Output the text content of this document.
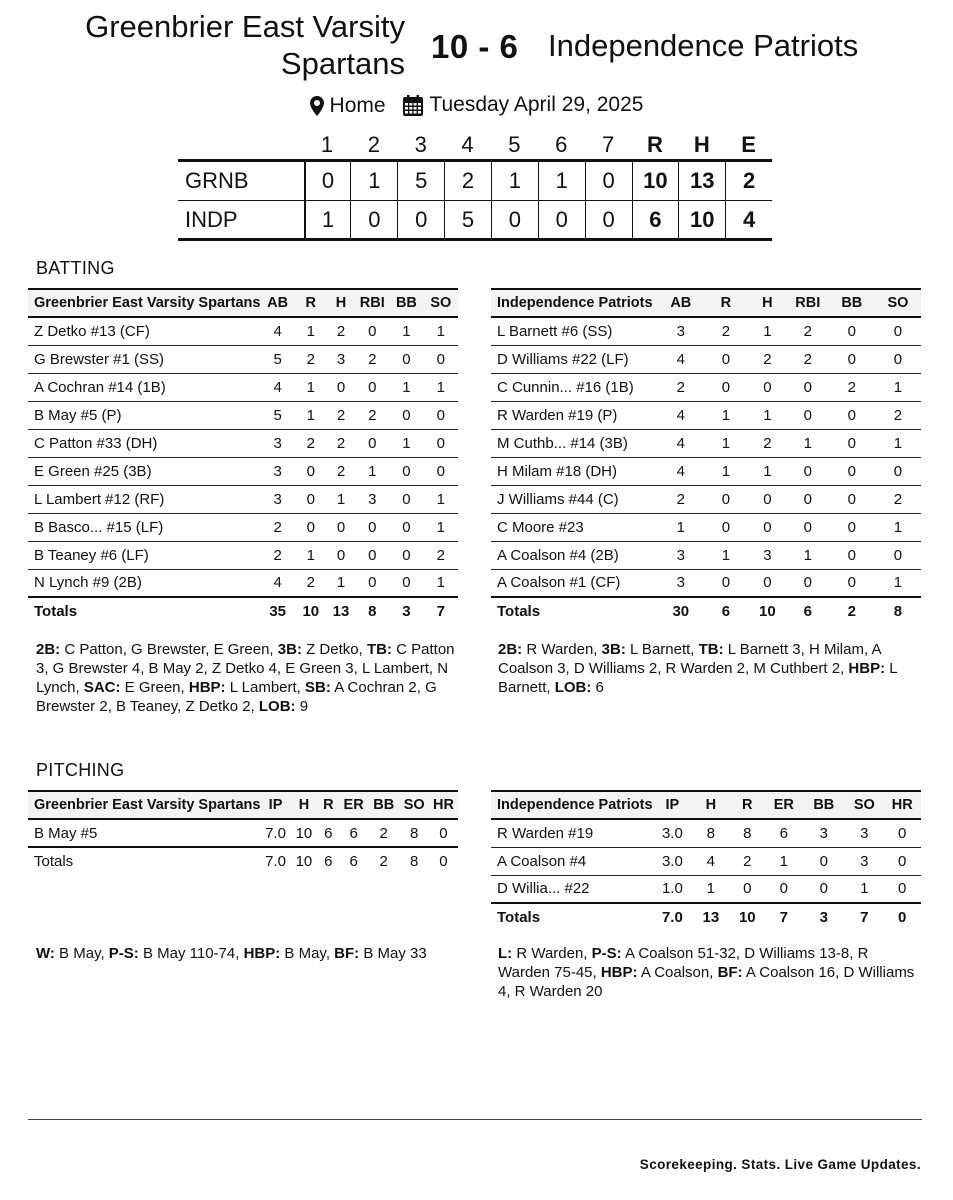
Greenbrier East Varsity
Spartans 10 - 6 Independence Patriots
Home
Tuesday April 29, 2025
1	2	3	4	5	6	7	R	H	E
GRNB	0	1	5	2	1	1	0	10	13	2
INDP	1	0	0	5	0	0	0	6	10	4
BATTING
Greenbrier East Varsity Spartans	AB	R	H	RBI	BB	SO
Z Detko #13 (CF)	4	1	2	0	1	1
G Brewster #1 (SS)	5	2	3	2	0	0
A Cochran #14 (1B)	4	1	0	0	1	1
B May #5 (P)	5	1	2	2	0	0
C Patton #33 (DH)	3	2	2	0	1	0
E Green #25 (3B)	3	0	2	1	0	0
L Lambert #12 (RF)	3	0	1	3	0	1
B Basco... #15 (LF)	2	0	0	0	0	1
B Teaney #6 (LF)	2	1	0	0	0	2
N Lynch #9 (2B)	4	2	1	0	0	1
Totals	35	10	13	8	3	7
Independence Patriots	AB	R	H	RBI	BB	SO
L Barnett #6 (SS)	3	2	1	2	0	0
D Williams #22 (LF)	4	0	2	2	0	0
C Cunnin... #16 (1B)	2	0	0	0	2	1
R Warden #19 (P)	4	1	1	0	0	2
M Cuthb... #14 (3B)	4	1	2	1	0	1
H Milam #18 (DH)	4	1	1	0	0	0
J Williams #44 (C)	2	0	0	0	0	2
C Moore #23	1	0	0	0	0	1
A Coalson #4 (2B)	3	1	3	1	0	0
A Coalson #1 (CF)	3	0	0	0	0	1
Totals	30	6	10	6	2	8
2B: C Patton, G Brewster, E Green, 3B: Z Detko, TB: C Patton 3, G Brewster 4, B May 2, Z Detko 4, E Green 3, L Lambert, N Lynch, SAC: E Green, HBP: L Lambert, SB: A Cochran 2, G Brewster 2, B Teaney, Z Detko 2, LOB: 9
2B: R Warden, 3B: L Barnett, TB: L Barnett 3, H Milam, A Coalson 3, D Williams 2, R Warden 2, M Cuthbert 2, HBP: L Barnett, LOB: 6
PITCHING
Greenbrier East Varsity Spartans	IP	H	R	ER	BB	SO	HR
B May #5	7.0	10	6	6	2	8	0
Totals	7.0	10	6	6	2	8	0
Independence Patriots	IP	H	R	ER	BB	SO	HR
R Warden #19	3.0	8	8	6	3	3	0
A Coalson #4	3.0	4	2	1	0	3	0
D Willia... #22	1.0	1	0	0	0	1	0
Totals	7.0	13	10	7	3	7	0
W: B May, P-S: B May 110-74, HBP: B May, BF: B May 33	L: R Warden, P-S: A Coalson 51-32, D Williams 13-8, R Warden 75-45, HBP: A Coalson, BF: A Coalson 16, D Williams 4, R Warden 20
Scorekeeping. Stats. Live Game Updates.
